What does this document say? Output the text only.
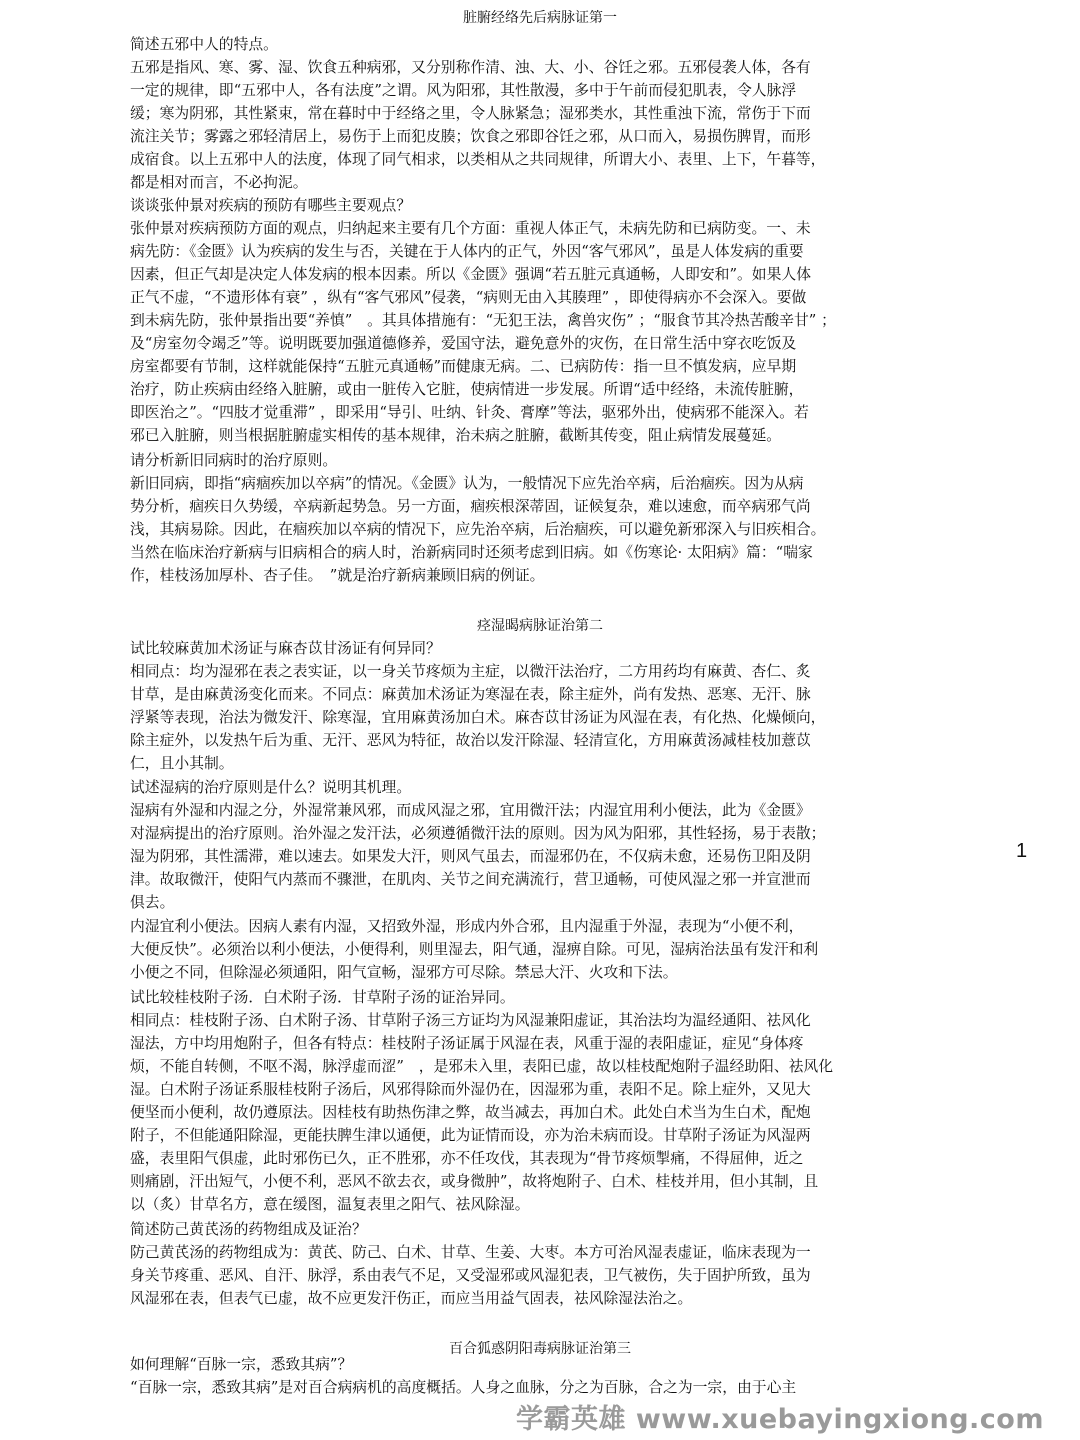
脏腑经络先后病脉证第一

简述五邪中人的特点。

五邪是指风、寒、雾、湿、饮食五种病邪，又分别称作清、浊、大、小、谷饪之邪。五邪侵袭人体，各有

一定的规律，即“五邪中人，各有法度”之谓。风为阳邪，其性散漫，多中于午前而侵犯肌表，令人脉浮

缓；寒为阴邪，其性紧束，常在暮时中于经络之里，令人脉紧急；湿邪类水，其性重浊下流，常伤于下而

流注关节；雾露之邪轻清居上，易伤于上而犯皮腠；饮食之邪即谷饪之邪，从口而入，易损伤脾胃，而形

成宿食。以上五邪中人的法度，体现了同气相求，以类相从之共同规律，所谓大小、表里、上下，午暮等，

都是相对而言，不必拘泥。

谈谈张仲景对疾病的预防有哪些主要观点？

张仲景对疾病预防方面的观点，归纳起来主要有几个方面：重视人体正气，未病先防和已病防变。一、未

病先防：《金匮》认为疾病的发生与否，关键在于人体内的正气，外因“客气邪风”，虽是人体发病的重要

因素，但正气却是决定人体发病的根本因素。所以《金匮》强调“若五脏元真通畅，人即安和”。如果人体

正气不虚，“不遗形体有衰” ，纵有“客气邪风”侵袭，“病则无由入其腠理” ，即使得病亦不会深入。要做

到未病先防，张仲景指出要“养慎”　。其具体措施有：“无犯王法，禽兽灾伤” ；“服食节其冷热苦酸辛甘” ；

及“房室勿令竭乏”等。说明既要加强道德修养，爱国守法，避免意外的灾伤，在日常生活中穿衣吃饭及

房室都要有节制，这样就能保持“五脏元真通畅”而健康无病。二、已病防传：指一旦不慎发病，应早期

治疗，防止疾病由经络入脏腑，或由一脏传入它脏，使病情进一步发展。所谓“适中经络，未流传脏腑，

即医治之”。“四肢才觉重滞” ，即采用“导引、吐纳、针灸、膏摩”等法，驱邪外出，使病邪不能深入。若

邪已入脏腑，则当根据脏腑虚实相传的基本规律，治未病之脏腑，截断其传变，阻止病情发展蔓延。

请分析新旧同病时的治疗原则。

新旧同病，即指“病痼疾加以卒病”的情况。《金匮》认为，一般情况下应先治卒病，后治痼疾。因为从病

势分析，痼疾日久势缓，卒病新起势急。另一方面，痼疾根深蒂固，证候复杂，难以速愈，而卒病邪气尚

浅，其病易除。因此，在痼疾加以卒病的情况下，应先治卒病，后治痼疾，可以避免新邪深入与旧疾相合。

当然在临床治疗新病与旧病相合的病人时，治新病同时还须考虑到旧病。如《伤寒论· 太阳病》篇：“喘家

作，桂枝汤加厚朴、杏子佳。　”就是治疗新病兼顾旧病的例证。

痉湿暍病脉证治第二

试比较麻黄加术汤证与麻杏苡甘汤证有何异同？

相同点：均为湿邪在表之表实证，以一身关节疼烦为主症，以微汗法治疗，二方用药均有麻黄、杏仁、炙

甘草，是由麻黄汤变化而来。不同点：麻黄加术汤证为寒湿在表，除主症外，尚有发热、恶寒、无汗、脉

浮紧等表现，治法为微发汗、除寒湿，宜用麻黄汤加白术。麻杏苡甘汤证为风湿在表，有化热、化燥倾向，

除主症外，以发热午后为重、无汗、恶风为特征，故治以发汗除湿、轻清宣化，方用麻黄汤减桂枝加薏苡

仁，且小其制。

试述湿病的治疗原则是什么？说明其机理。

湿病有外湿和内湿之分，外湿常兼风邪，而成风湿之邪，宜用微汗法；内湿宜用利小便法，此为《金匮》

对湿病提出的治疗原则。治外湿之发汗法，必须遵循微汗法的原则。因为风为阳邪，其性轻扬，易于表散；

湿为阴邪，其性濡滞，难以速去。如果发大汗，则风气虽去，而湿邪仍在，不仅病未愈，还易伤卫阳及阴

津。故取微汗，使阳气内蒸而不骤泄，在肌肉、关节之间充满流行，营卫通畅，可使风湿之邪一并宣泄而

俱去。

内湿宜利小便法。因病人素有内湿，又招致外湿，形成内外合邪，且内湿重于外湿，表现为“小便不利，

大便反快”。必须治以利小便法，小便得利，则里湿去，阳气通，湿痹自除。可见，湿病治法虽有发汗和利

小便之不同，但除湿必须通阳，阳气宣畅，湿邪方可尽除。禁忌大汗、火攻和下法。

试比较桂枝附子汤．白术附子汤．甘草附子汤的证治异同。

相同点：桂枝附子汤、白术附子汤、甘草附子汤三方证均为风湿兼阳虚证，其治法均为温经通阳、祛风化

湿法，方中均用炮附子，但各有特点：桂枝附子汤证属于风湿在表，风重于湿的表阳虚证，症见“身体疼

烦，不能自转侧，不呕不渴，脉浮虚而涩”　，是邪未入里，表阳已虚，故以桂枝配炮附子温经助阳、祛风化

湿。白术附子汤证系服桂枝附子汤后，风邪得除而外湿仍在，因湿邪为重，表阳不足。除上症外，又见大

便坚而小便利，故仍遵原法。因桂枝有助热伤津之弊，故当减去，再加白术。此处白术当为生白术，配炮

附子，不但能通阳除湿，更能扶脾生津以通便，此为证情而设，亦为治未病而设。甘草附子汤证为风湿两

盛，表里阳气俱虚，此时邪伤已久，正不胜邪，亦不任攻伐，其表现为“骨节疼烦掣痛，不得屈伸，近之

则痛剧，汗出短气，小便不利，恶风不欲去衣，或身微肿”，故将炮附子、白术、桂枝并用，但小其制，且

以（炙）甘草名方，意在缓图，温复表里之阳气、祛风除湿。

简述防己黄芪汤的药物组成及证治？

防己黄芪汤的药物组成为：黄芪、防己、白术、甘草、生姜、大枣。本方可治风湿表虚证，临床表现为一

身关节疼重、恶风、自汗、脉浮，系由表气不足，又受湿邪或风湿犯表，卫气被伤，失于固护所致，虽为

风湿邪在表，但表气已虚，故不应更发汗伤正，而应当用益气固表，祛风除湿法治之。

百合狐惑阴阳毒病脉证治第三

如何理解“百脉一宗，悉致其病”？

“百脉一宗，悉致其病”是对百合病病机的高度概括。人身之血脉，分之为百脉，合之为一宗，由于心主

1
学霸英雄 www.xuebayingxiong.com
